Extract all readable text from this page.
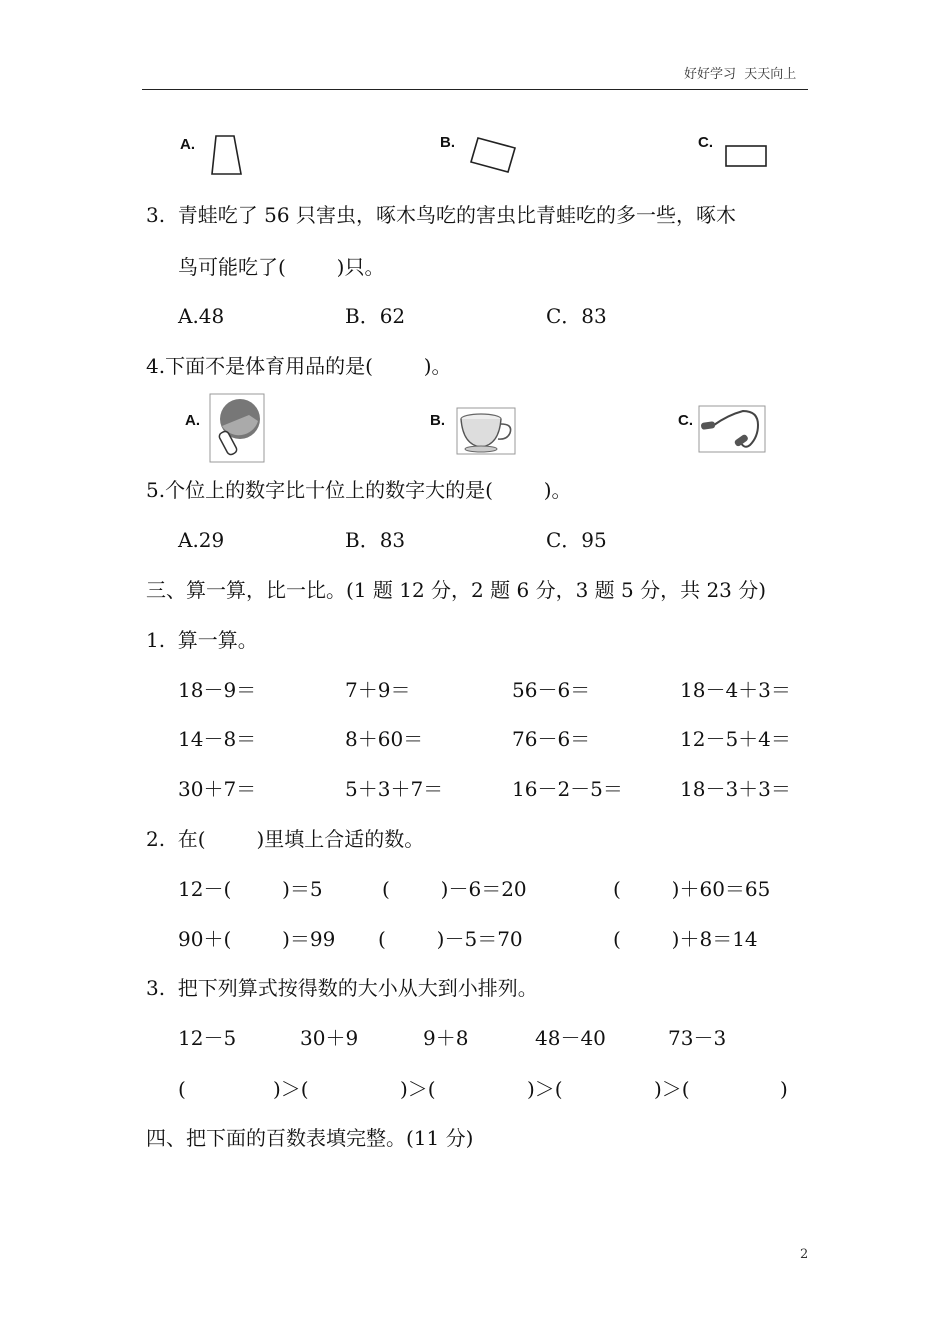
好好学习  天天向上
A.	B.	C.
3.  青蛙吃了 56 只害虫，啄木鸟吃的害虫比青蛙吃的多一些，啄木
鸟可能吃了(        )只。
A.48	B．62	C．83
4.下面不是体育用品的是(        )。
A.	B.	C.
5.个位上的数字比十位上的数字大的是(        )。
A.29	B．83	C．95
三、算一算，比一比。(1 题 12 分，2 题 6 分，3 题 5 分，共 23 分)
1.  算一算。
18－9＝	7＋9＝	56－6＝	18－4＋3＝
14－8＝	8＋60＝	76－6＝	12－5＋4＝
30＋7＝	5＋3＋7＝	16－2－5＝	18－3＋3＝
2.  在(        )里填上合适的数。
12－(        )＝5	(        )－6＝20	(        )＋60＝65
90＋(        )＝99 (        )－5＝70	(        )＋8＝14
3.  把下列算式按得数的大小从大到小排列。
12－5	30＋9	9＋8	48－40	73－3
(	)＞(	)＞(	)＞(	)＞(	)
四、把下面的百数表填完整。(11 分)
2
